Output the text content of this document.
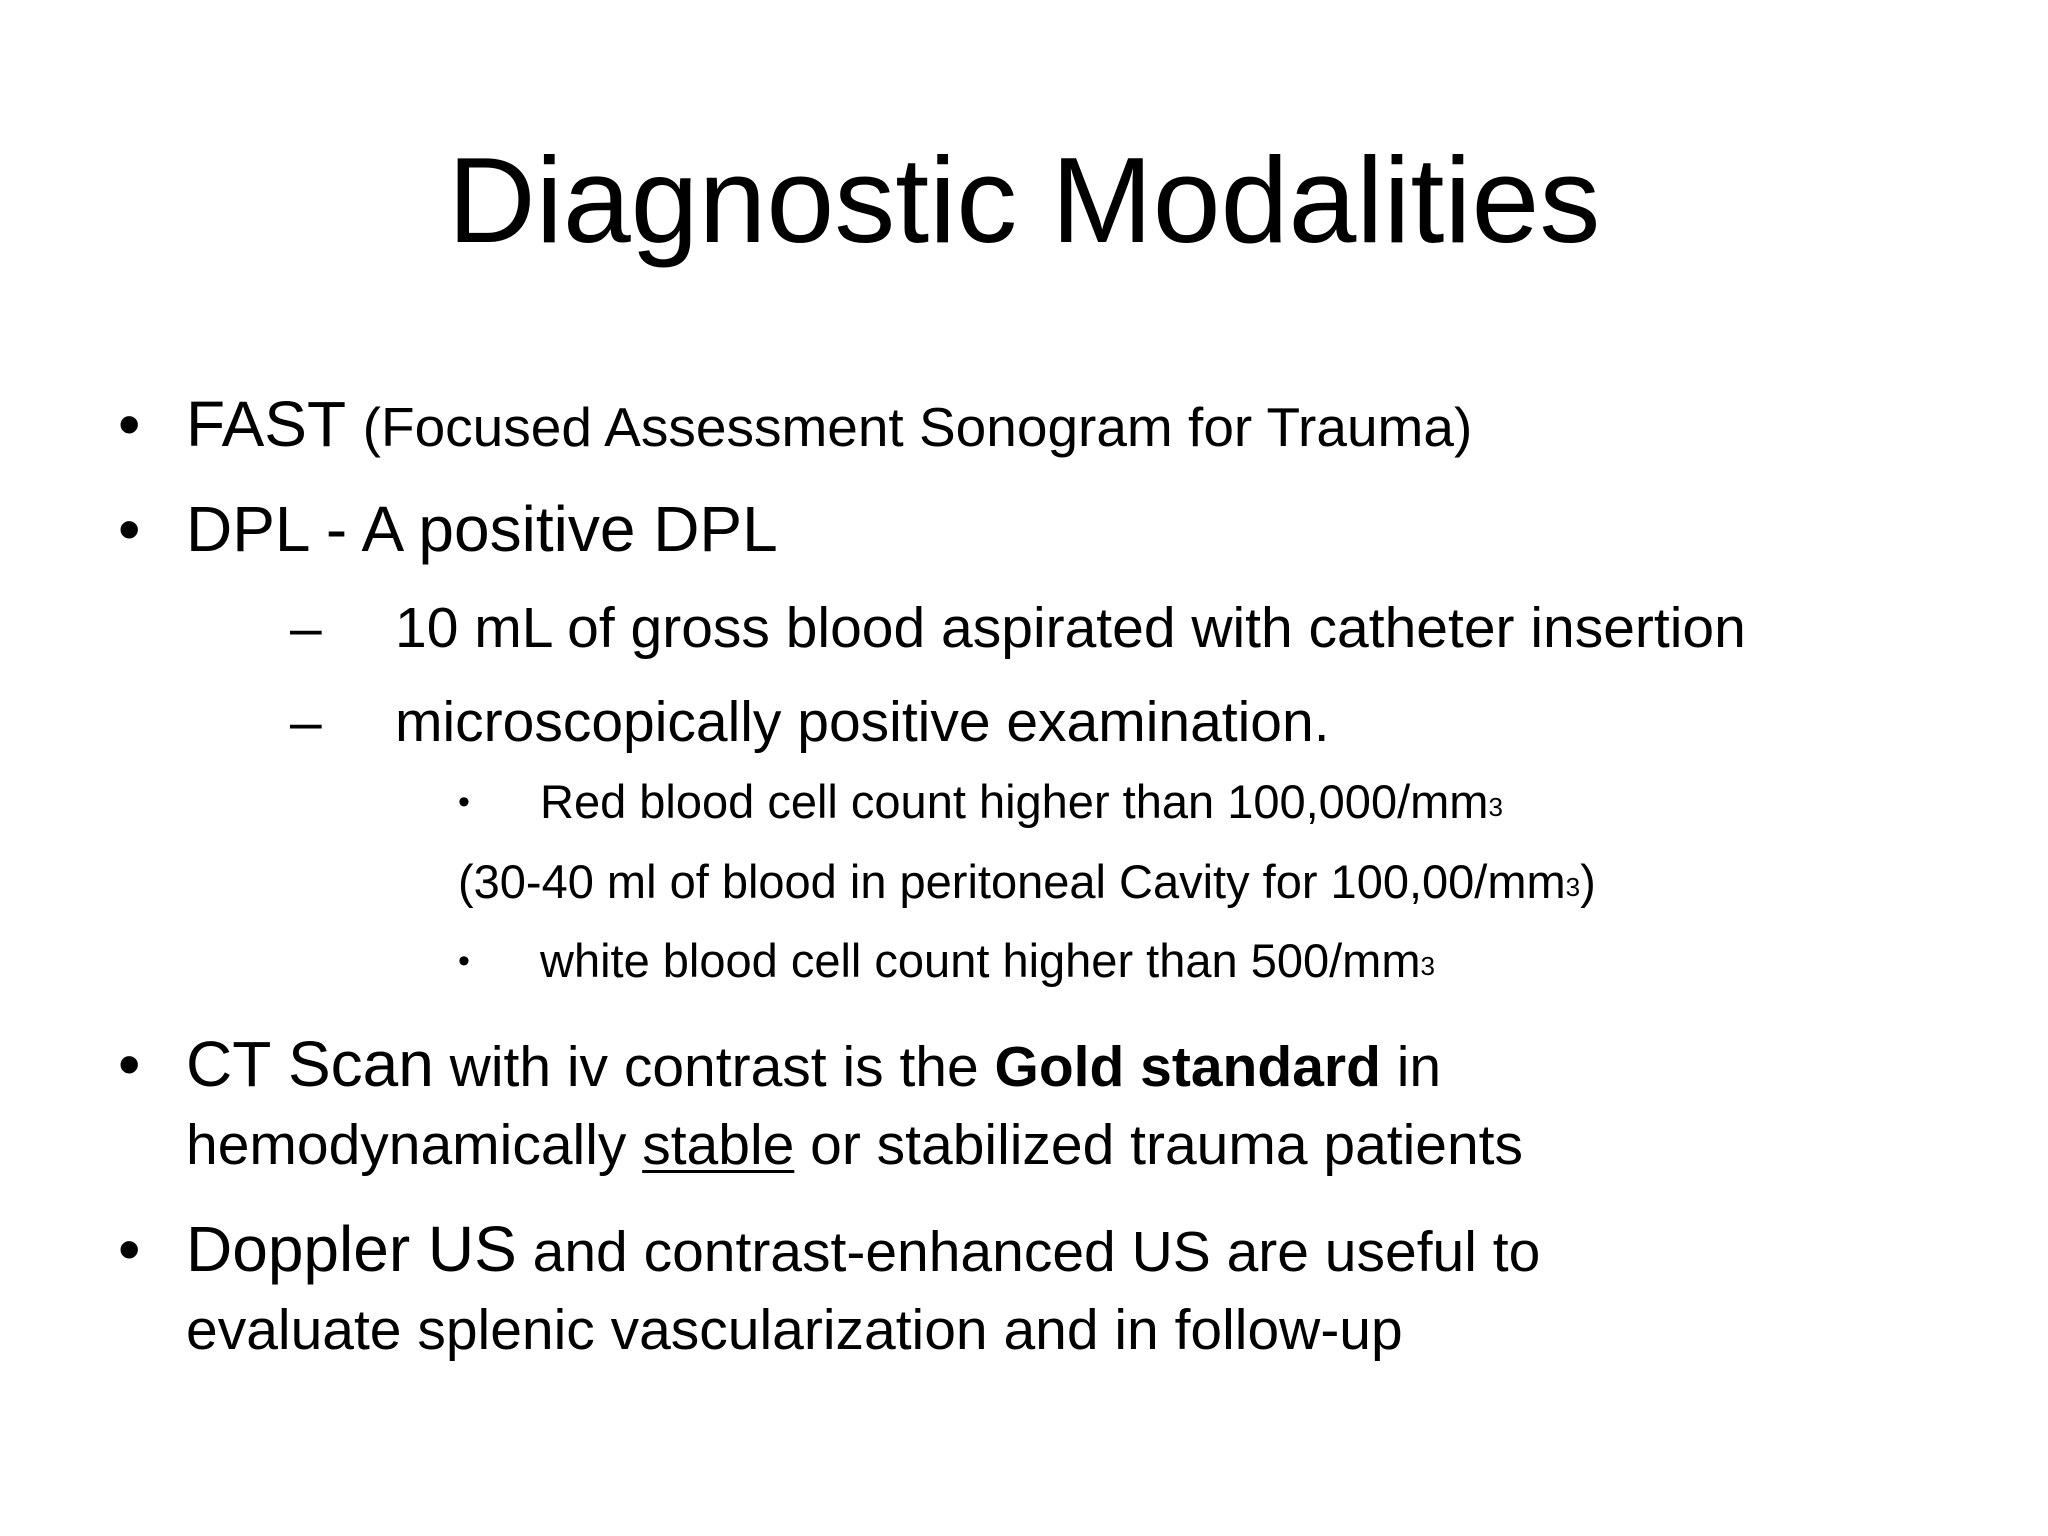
Diagnostic Modalities
• FAST (Focused Assessment Sonogram for Trauma)
• DPL - A positive DPL
– 10 mL of gross blood aspirated with catheter insertion
– microscopically positive examination.
• Red blood cell count higher than $100,000/mm^3$
(30-40 ml of blood in peritoneal Cavity for $100,00/mm^3$)
• white blood cell count higher than $500/mm^3$
• CT Scan with iv contrast is the Gold standard in
hemodynamically stable or stabilized trauma patients
• Doppler US and contrast-enhanced US are useful to
evaluate splenic vascularization and in follow-up
